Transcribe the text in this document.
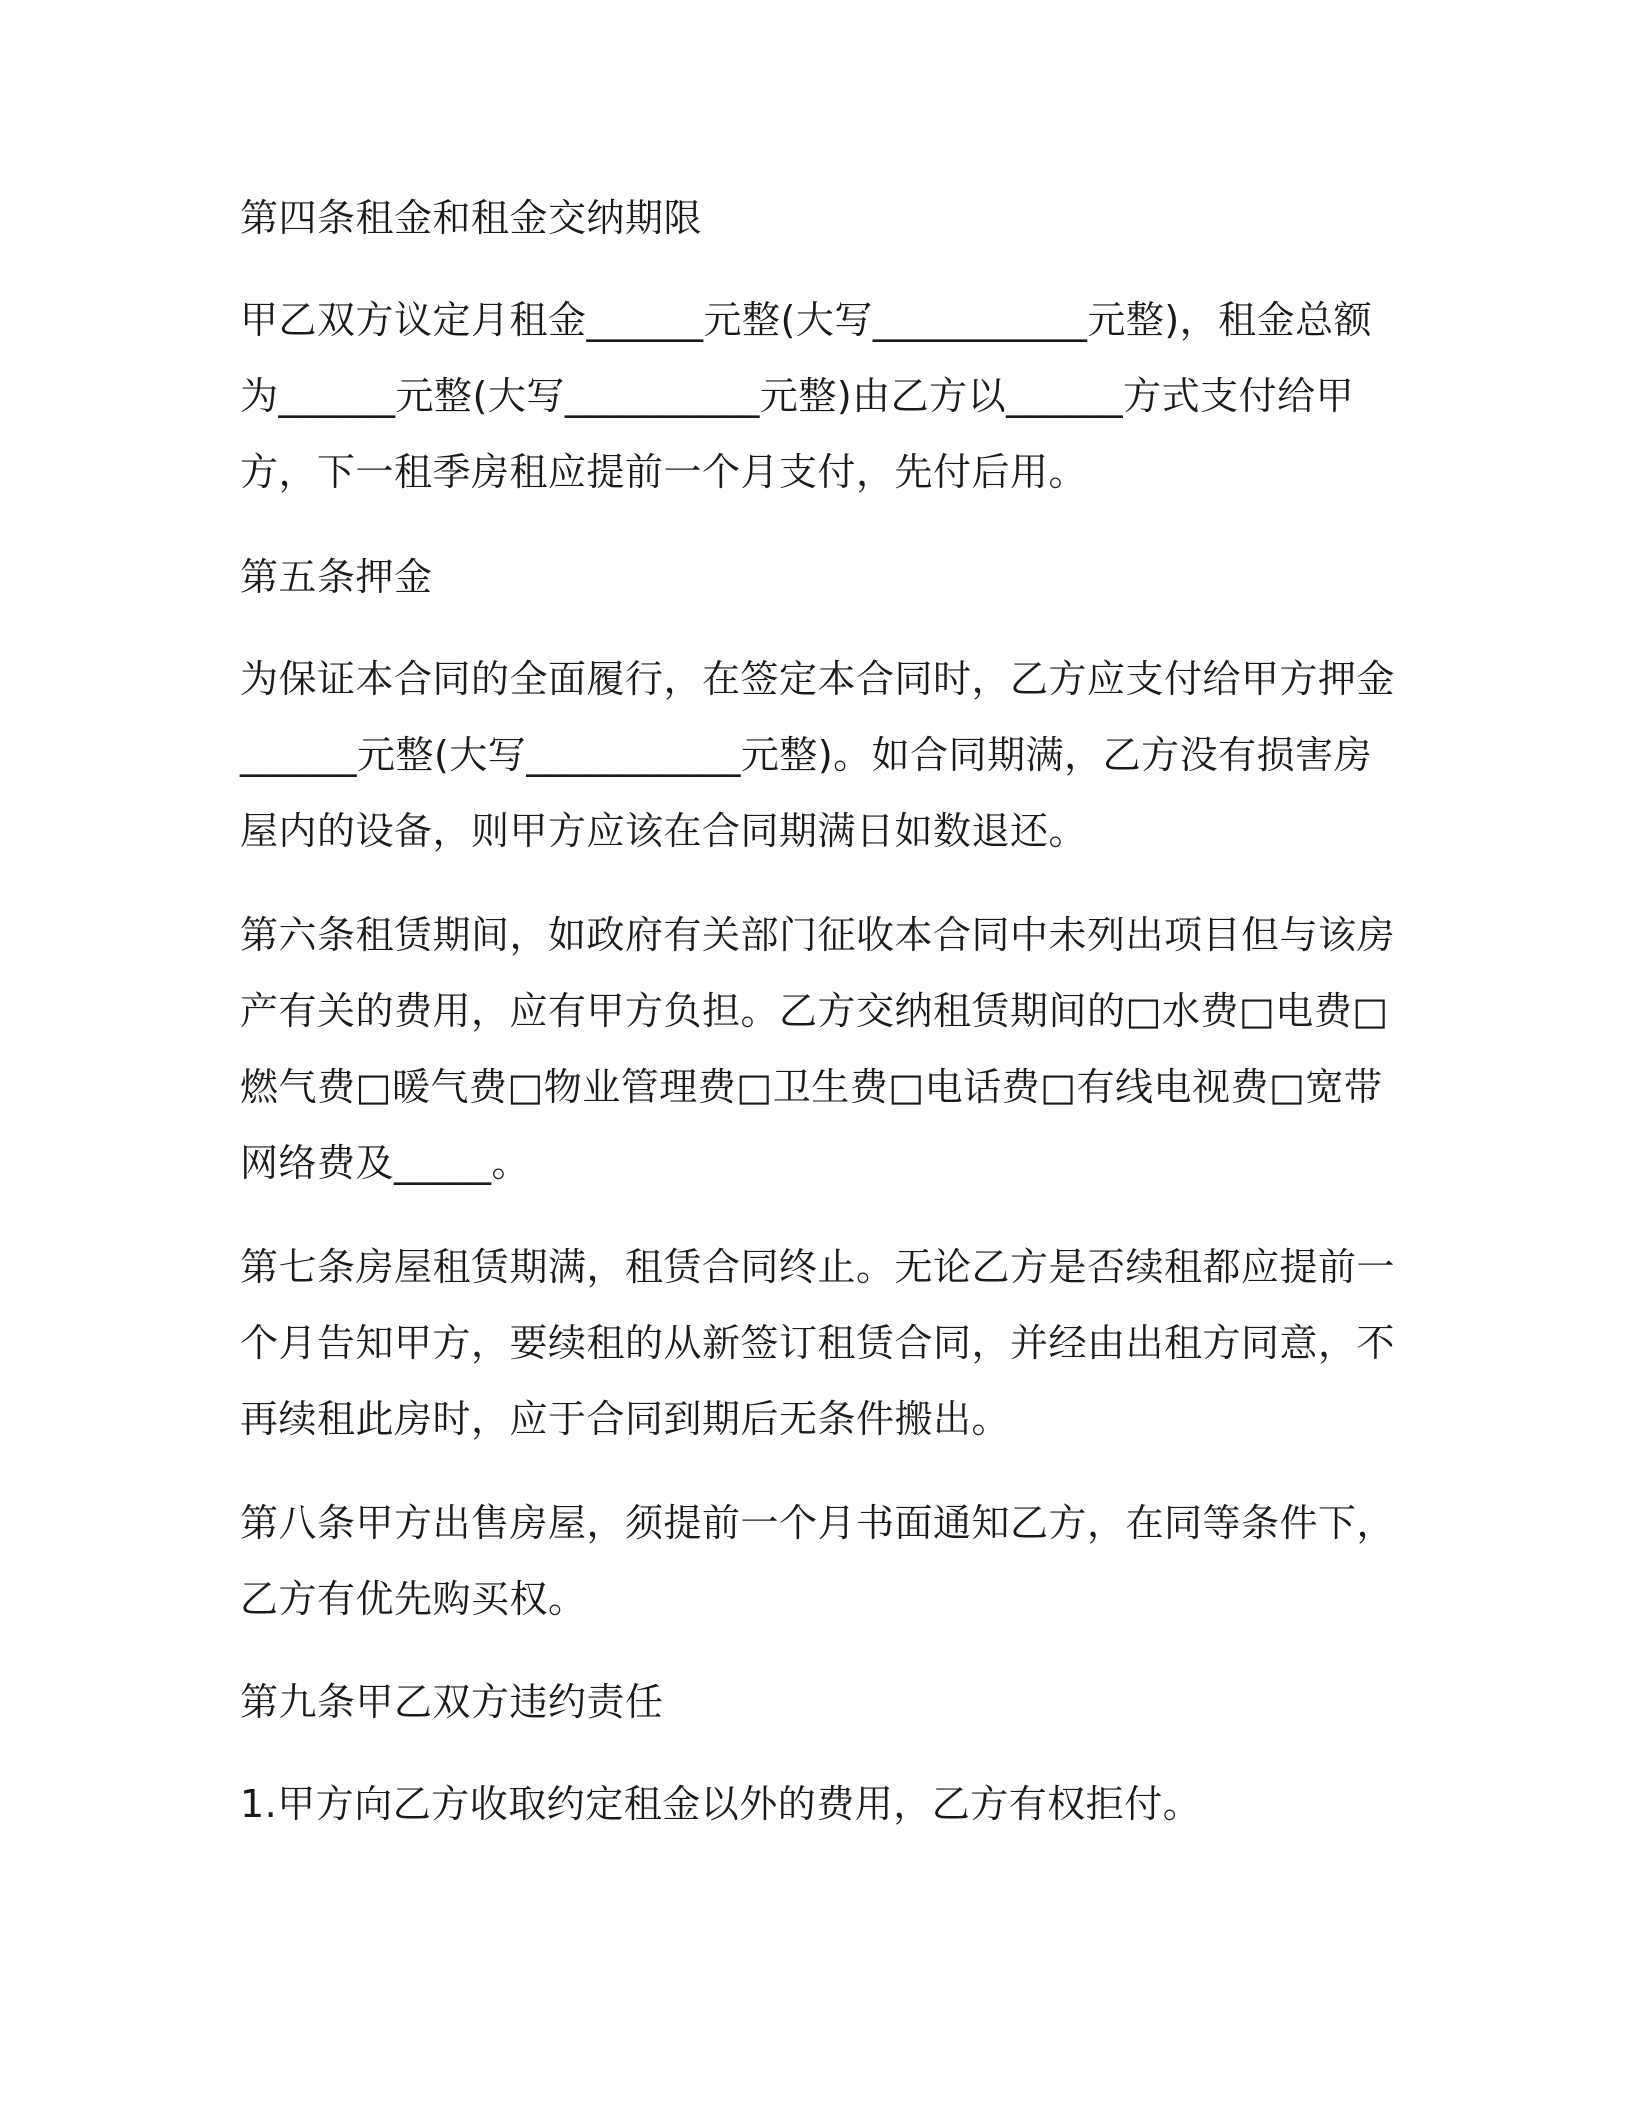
第四条租金和租金交纳期限
甲乙双方议定月租金______元整(大写___________元整)，租金总额
为______元整(大写__________元整)由乙方以______方式支付给甲
方，下一租季房租应提前一个月支付，先付后用。
第五条押金
为保证本合同的全面履行，在签定本合同时，乙方应支付给甲方押金
______元整(大写___________元整)。如合同期满，乙方没有损害房
屋内的设备，则甲方应该在合同期满日如数退还。
第六条租赁期间，如政府有关部门征收本合同中未列出项目但与该房
产有关的费用，应有甲方负担。乙方交纳租赁期间的□水费□电费□
燃气费□暖气费□物业管理费□卫生费□电话费□有线电视费□宽带
网络费及_____。
第七条房屋租赁期满，租赁合同终止。无论乙方是否续租都应提前一
个月告知甲方，要续租的从新签订租赁合同，并经由出租方同意，不
再续租此房时，应于合同到期后无条件搬出。
第八条甲方出售房屋，须提前一个月书面通知乙方，在同等条件下，
乙方有优先购买权。
第九条甲乙双方违约责任
1.甲方向乙方收取约定租金以外的费用，乙方有权拒付。
